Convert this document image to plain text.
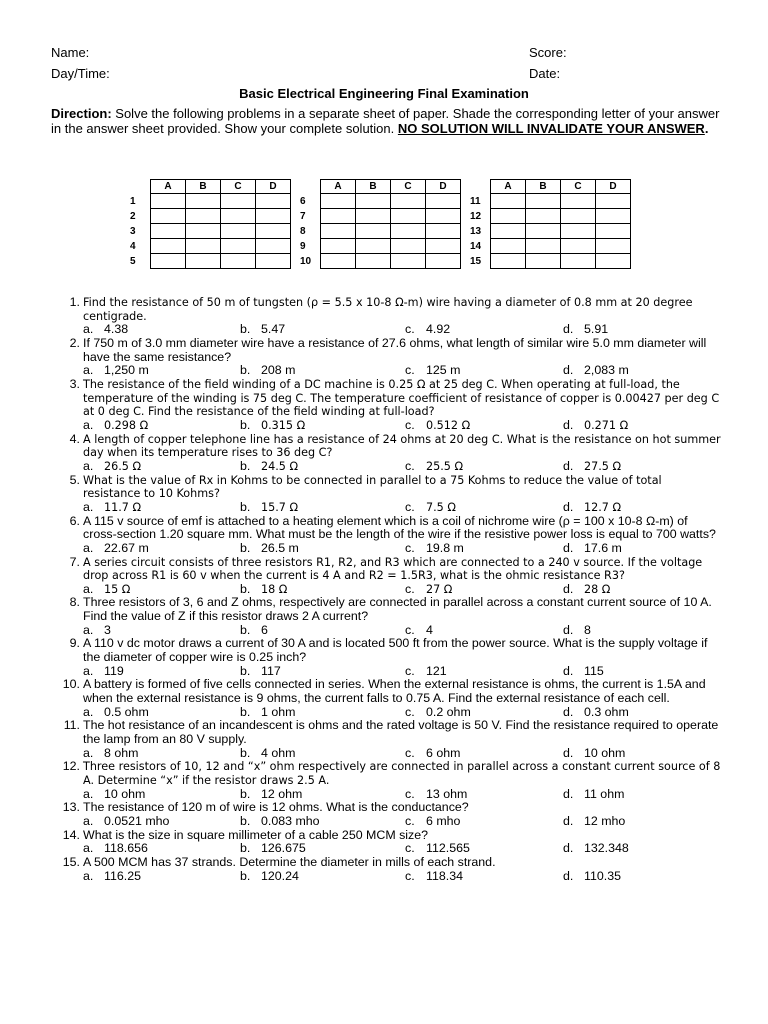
Name:	Score:
Day/Time:	Date:
Basic Electrical Engineering Final Examination
Direction: Solve the following problems in a separate sheet of paper. Shade the corresponding letter of your answer in the answer sheet provided. Show your complete solution. NO SOLUTION WILL INVALIDATE YOUR ANSWER.
	A	B	C	D
1				
2				
3				
4				
5				
	A	B	C	D
6				
7				
8				
9				
10				
	A	B	C	D
11				
12				
13				
14				
15				
1. Find the resistance of 50 m of tungsten (ρ = 5.5 x 10-8 Ω-m) wire having a diameter of 0.8 mm at 20 degree centigrade.
a. 4.38	b. 5.47	c. 4.92	d. 5.91
2. If 750 m of 3.0 mm diameter wire have a resistance of 27.6 ohms, what length of similar wire 5.0 mm diameter will have the same resistance?
a. 1,250 m	b. 208 m	c. 125 m	d. 2,083 m
3. The resistance of the field winding of a DC machine is 0.25 Ω at 25 deg C. When operating at full-load, the temperature of the winding is 75 deg C. The temperature coefficient of resistance of copper is 0.00427 per deg C at 0 deg C. Find the resistance of the field winding at full-load?
a. 0.298 Ω	b. 0.315 Ω	c. 0.512 Ω	d. 0.271 Ω
4. A length of copper telephone line has a resistance of 24 ohms at 20 deg C. What is the resistance on hot summer day when its temperature rises to 36 deg C?
a. 26.5 Ω	b. 24.5 Ω	c. 25.5 Ω	d. 27.5 Ω
5. What is the value of Rx in Kohms to be connected in parallel to a 75 Kohms to reduce the value of total resistance to 10 Kohms?
a. 11.7 Ω	b. 15.7 Ω	c. 7.5 Ω	d. 12.7 Ω
6. A 115 v source of emf is attached to a heating element which is a coil of nichrome wire (ρ = 100 x 10-8 Ω-m) of cross-section 1.20 square mm. What must be the length of the wire if the resistive power loss is equal to 700 watts?
a. 22.67 m	b. 26.5 m	c. 19.8 m	d. 17.6 m
7. A series circuit consists of three resistors R1, R2, and R3 which are connected to a 240 v source. If the voltage drop across R1 is 60 v when the current is 4 A and R2 = 1.5R3, what is the ohmic resistance R3?
a. 15 Ω	b. 18 Ω	c. 27 Ω	d. 28 Ω
8. Three resistors of 3, 6 and Z ohms, respectively are connected in parallel across a constant current source of 10 A. Find the value of Z if this resistor draws 2 A current?
a. 3	b. 6	c. 4	d. 8
9. A 110 v dc motor draws a current of 30 A and is located 500 ft from the power source. What is the supply voltage if the diameter of copper wire is 0.25 inch?
a. 119	b. 117	c. 121	d. 115
10. A battery is formed of five cells connected in series. When the external resistance is ohms, the current is 1.5A and when the external resistance is 9 ohms, the current falls to 0.75 A. Find the external resistance of each cell.
a. 0.5 ohm	b. 1 ohm	c. 0.2 ohm	d. 0.3 ohm
11. The hot resistance of an incandescent is ohms and the rated voltage is 50 V. Find the resistance required to operate the lamp from an 80 V supply.
a. 8 ohm	b. 4 ohm	c. 6 ohm	d. 10 ohm
12. Three resistors of 10, 12 and “x” ohm respectively are connected in parallel across a constant current source of 8 A. Determine “x” if the resistor draws 2.5 A.
a. 10 ohm	b. 12 ohm	c. 13 ohm	d. 11 ohm
13. The resistance of 120 m of wire is 12 ohms. What is the conductance?
a. 0.0521 mho	b. 0.083 mho	c. 6 mho	d. 12 mho
14. What is the size in square millimeter of a cable 250 MCM size?
a. 118.656	b. 126.675	c. 112.565	d. 132.348
15. A 500 MCM has 37 strands. Determine the diameter in mills of each strand.
a. 116.25	b. 120.24	c. 118.34	d. 110.35
